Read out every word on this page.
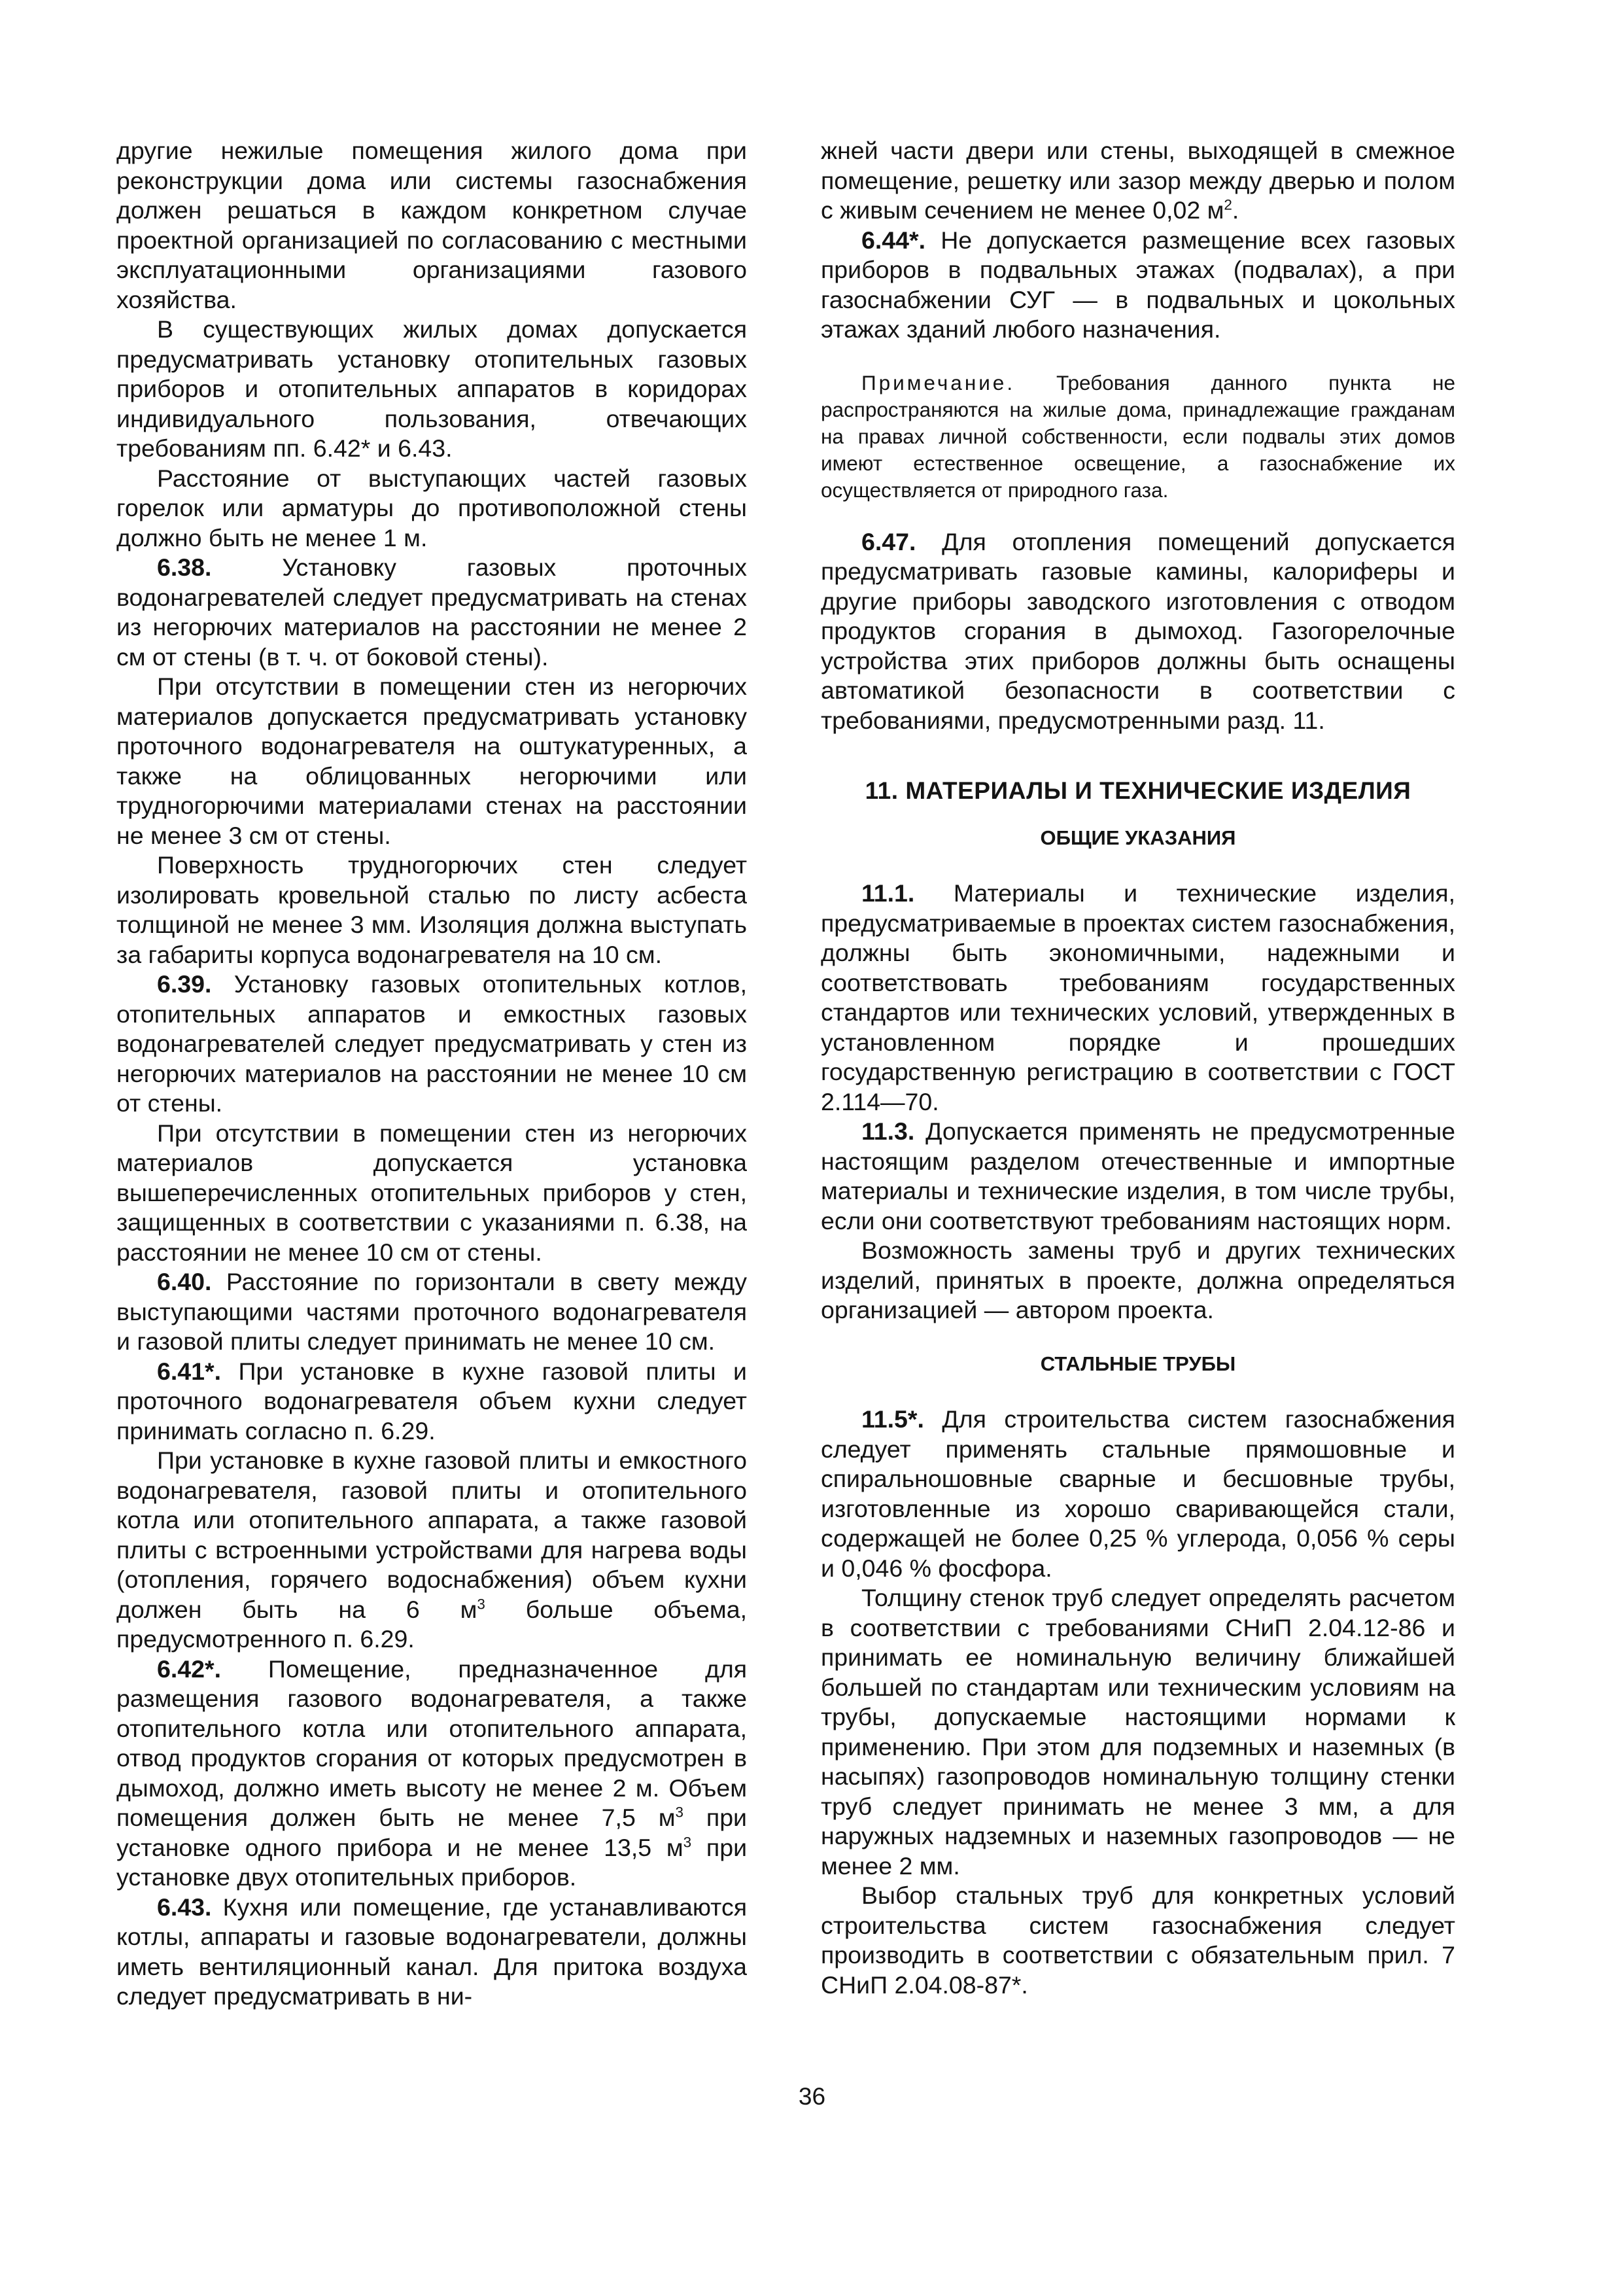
другие нежилые помещения жилого дома при реконструкции дома или системы газоснабжения должен решаться в каждом конкретном случае проектной организацией по согласованию с местными эксплуатационными организациями газового хозяйства.

В существующих жилых домах допускается предусматривать установку отопительных газовых приборов и отопительных аппаратов в коридорах индивидуального пользования, отвечающих требованиям пп. 6.42* и 6.43.

Расстояние от выступающих частей газовых горелок или арматуры до противоположной стены должно быть не менее 1 м.

6.38.	Установку газовых проточных водонагревателей следует предусматривать на стенах из негорючих материалов на расстоянии не менее 2 см от стены (в т. ч. от боковой стены).

При отсутствии в помещении стен из негорючих материалов допускается предусматривать установку проточного водонагревателя на оштукатуренных, а также на облицованных негорючими или трудногорючими материалами стенах на расстоянии не менее 3 см от стены.

Поверхность трудногорючих стен следует изолировать кровельной сталью по листу асбеста толщиной не менее 3 мм. Изоляция должна выступать за габариты корпуса водонагревателя на 10 см.

6.39. Установку газовых отопительных котлов, отопительных аппаратов и емкостных газовых водонагревателей следует предусматривать у стен из негорючих материалов на расстоянии не менее 10 см от стены.

При отсутствии в помещении стен из негорючих материалов допускается установка вышеперечисленных отопительных приборов у стен, защищенных в соответствии с указаниями п. 6.38, на расстоянии не менее 10 см от стены.

6.40. Расстояние по горизонтали в свету между выступающими частями проточного водонагревателя и газовой плиты следует принимать не менее 10 см.

6.41*. При установке в кухне газовой плиты и проточного водонагревателя объем кухни следует принимать согласно п. 6.29.

При установке в кухне газовой плиты и емкостного водонагревателя, газовой плиты и отопительного котла или отопительного аппарата, а также газовой плиты с встроенными устройствами для нагрева воды (отопления, горячего водоснабжения) объем кухни должен быть на 6 $м^3$ больше объема, предусмотренного п. 6.29.

6.42*. Помещение, предназначенное для размещения газового водонагревателя, а также отопительного котла или отопительного аппарата, отвод продуктов сгорания от которых предусмотрен в дымоход, должно иметь высоту не менее 2 м. Объем помещения должен быть не менее 7,5 $м^3$ при установке одного прибора и не менее 13,5 $м^3$ при установке двух отопительных приборов.

6.43. Кухня или помещение, где устанавливаются котлы, аппараты и газовые водонагреватели, должны иметь вентиляционный канал. Для притока воздуха следует предусматривать в ни-

жней части двери или стены, выходящей в смежное помещение, решетку или зазор между дверью и полом с живым сечением не менее 0,02 $м^2$.

6.44*. Не допускается размещение всех газовых приборов в подвальных этажах (подвалах), а при газоснабжении СУГ — в подвальных и цокольных этажах зданий любого назначения.

Примечание. Требования данного пункта не распространяются на жилые дома, принадлежащие гражданам на правах личной собственности, если подвалы этих домов имеют естественное освещение, а газоснабжение их осуществляется от природного газа.

6.47. Для отопления помещений допускается предусматривать газовые камины, калориферы и другие приборы заводского изготовления с отводом продуктов сгорания в дымоход. Газогорелочные устройства этих приборов должны быть оснащены автоматикой безопасности в соответствии с требованиями, предусмотренными разд. 11.

11. МАТЕРИАЛЫ И ТЕХНИЧЕСКИЕ ИЗДЕЛИЯ
ОБЩИЕ УКАЗАНИЯ

11.1. Материалы и технические изделия, предусматриваемые в проектах систем газоснабжения, должны быть экономичными, надежными и соответствовать требованиям государственных стандартов или технических условий, утвержденных в установленном порядке и прошедших государственную регистрацию в соответствии с ГОСТ 2.114—70.

11.3. Допускается применять не предусмотренные настоящим разделом отечественные и импортные материалы и технические изделия, в том числе трубы, если они соответствуют требованиям настоящих норм.

Возможность замены труб и других технических изделий, принятых в проекте, должна определяться организацией — автором проекта.

СТАЛЬНЫЕ ТРУБЫ

11.5*. Для строительства систем газоснабжения следует применять стальные прямошовные и спиральношовные сварные и бесшовные трубы, изготовленные из хорошо сваривающейся стали, содержащей не более 0,25 % углерода, 0,056 % серы и 0,046 % фосфора.

Толщину стенок труб следует определять расчетом в соответствии с требованиями СНиП 2.04.12-86 и принимать ее номинальную величину ближайшей большей по стандартам или техническим условиям на трубы, допускаемые настоящими нормами к применению. При этом для подземных и наземных (в насыпях) газопроводов номинальную толщину стенки труб следует принимать не менее 3 мм, а для наружных надземных и наземных газопроводов — не менее 2 мм.

Выбор стальных труб для конкретных условий строительства систем газоснабжения следует производить в соответствии с обязательным прил. 7 СНиП 2.04.08-87*.

36
